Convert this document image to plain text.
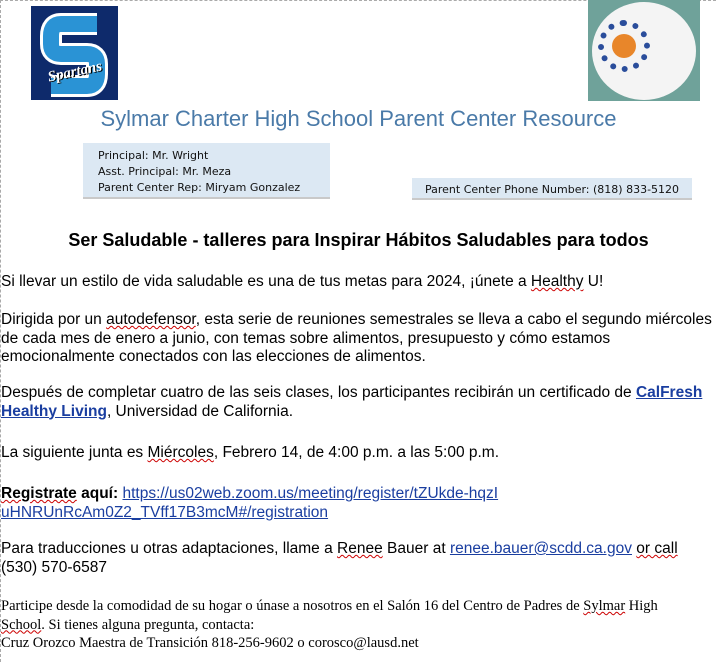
Spartans
Sylmar Charter High School Parent Center Resource
Principal: Mr. Wright
Asst. Principal: Mr. Meza
Parent Center Rep: Miryam Gonzalez	Parent Center Phone Number: (818) 833-5120
Ser Saludable - talleres para Inspirar Hábitos Saludables para todos

Si llevar un estilo de vida saludable es una de tus metas para 2024, ¡únete a Healthy U!

Dirigida por un autodefensor, esta serie de reuniones semestrales se lleva a cabo el segundo miércoles de cada mes de enero a junio, con temas sobre alimentos, presupuesto y cómo estamos emocionalmente conectados con las elecciones de alimentos.

Después de completar cuatro de las seis clases, los participantes recibirán un certificado de CalFresh Healthy Living, Universidad de California.

La siguiente junta es Miércoles, Febrero 14, de 4:00 p.m. a las 5:00 p.m.

Registrate aquí: https://us02web.zoom.us/meeting/register/tZUkde-hqzIuHNRUnRcAm0Z2_TVff17B3mcM#/registration

Para traducciones u otras adaptaciones, llame a Renee Bauer at renee.bauer@scdd.ca.gov or call (530) 570-6587

Participe desde la comodidad de su hogar o únase a nosotros en el Salón 16 del Centro de Padres de Sylmar High School. Si tienes alguna pregunta, contacta:
Cruz Orozco Maestra de Transición 818-256-9602 o corosco@lausd.net
